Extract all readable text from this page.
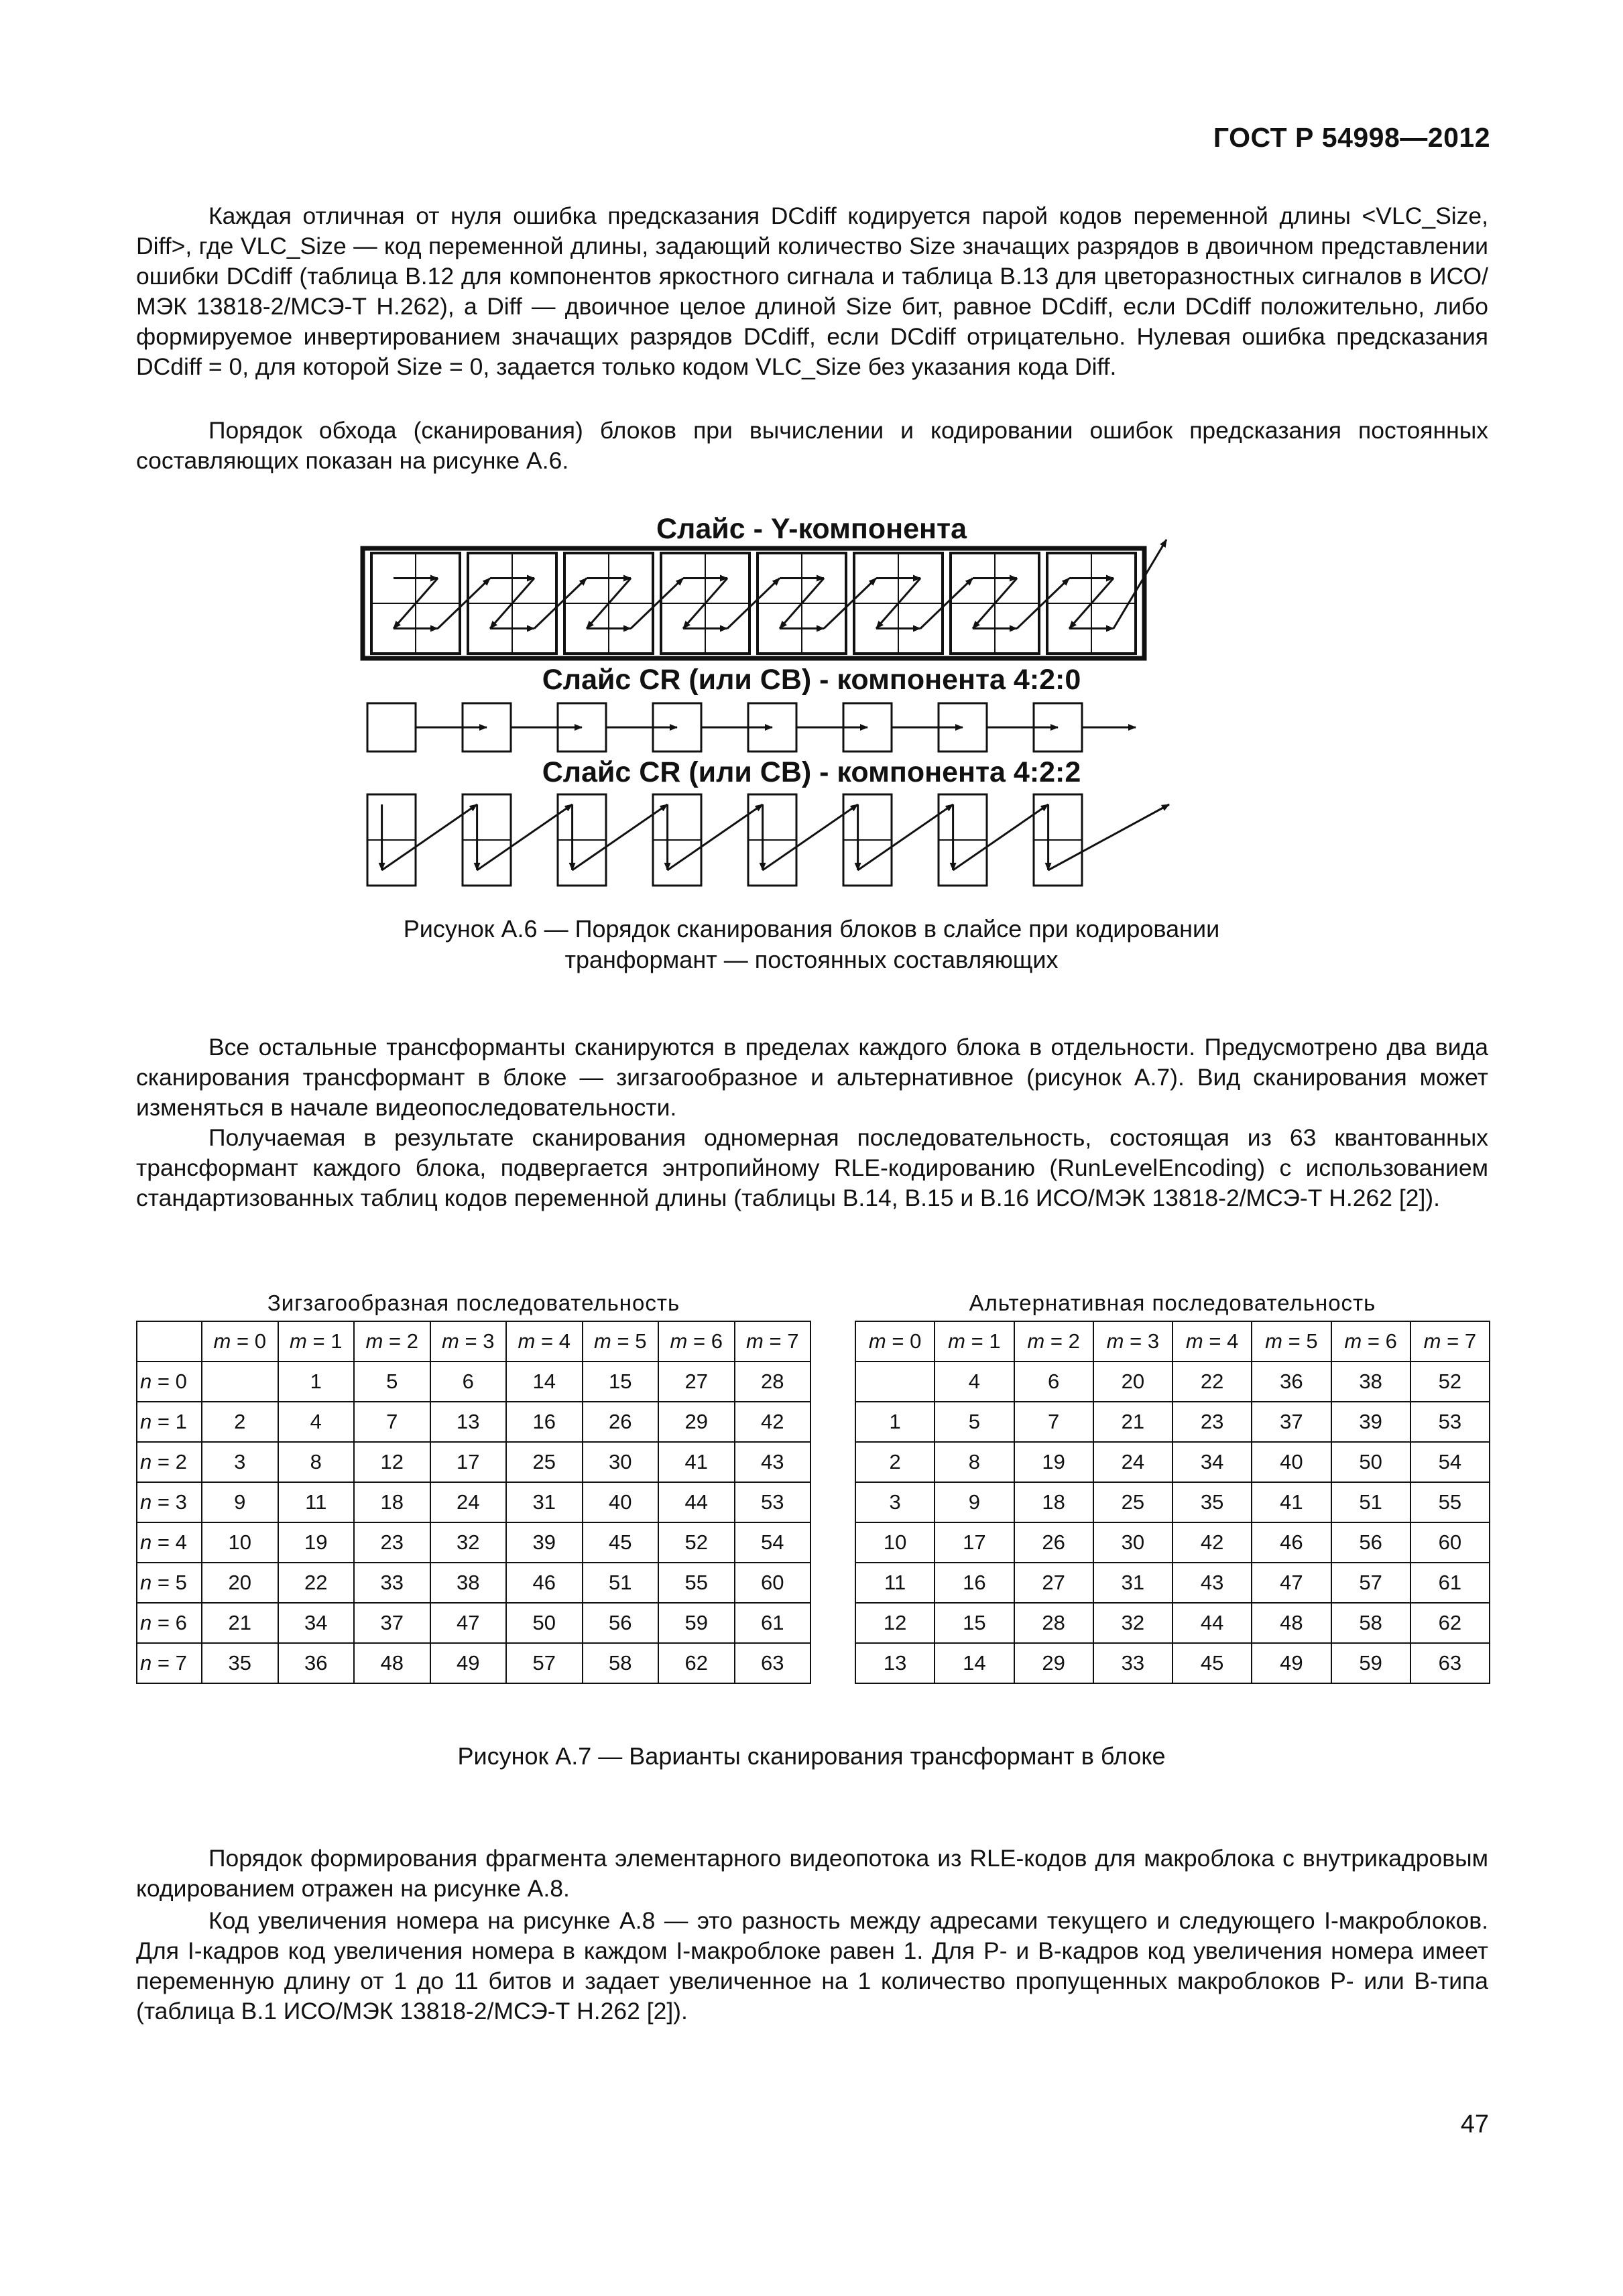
ГОСТ Р 54998—2012

Каждая отличная от нуля ошибка предсказания DCdiff кодируется парой кодов переменной длины <VLC_Size, Diff>, где VLC_Size — код переменной длины, задающий количество Size значащих разрядов в двоичном представлении ошибки DCdiff (таблица В.12 для компонентов яркостного сигнала и таблица В.13 для цветоразностных сигналов в ИСО/МЭК 13818-2/МСЭ-Т Н.262), а Diff — двоичное целое длиной Size бит, равное DCdiff, если DCdiff положительно, либо формируемое инвертированием значащих разрядов DCdiff, если DCdiff отрицательно. Нулевая ошибка предсказания DCdiff = 0, для которой Size = 0, задается только кодом VLC_Size без указания кода Diff.

Порядок обхода (сканирования) блоков при вычислении и кодировании ошибок предсказания постоянных составляющих показан на рисунке А.6.

Слайс - Y-компонента
Слайс CR (или CB) - компонента 4:2:0
Слайс CR (или CB) - компонента 4:2:2
Рисунок А.6 — Порядок сканирования блоков в слайсе при кодировании
транформант — постоянных составляющих

Все остальные трансформанты сканируются в пределах каждого блока в отдельности. Предусмотрено два вида сканирования трансформант в блоке — зигзагообразное и альтернативное (рисунок А.7). Вид сканирования может изменяться в начале видеопоследовательности.

Получаемая в результате сканирования одномерная последовательность, состоящая из 63 квантованных трансформант каждого блока, подвергается энтропийному RLE-кодированию (RunLevelEncoding) с использованием стандартизованных таблиц кодов переменной длины (таблицы В.14, В.15 и В.16 ИСО/МЭК 13818-2/МСЭ-Т Н.262 [2]).

Зигзагообразная последовательность	Альтернативная последовательность
	m = 0	m = 1	m = 2	m = 3	m = 4	m = 5	m = 6	m = 7
n = 0		1	5	6	14	15	27	28
n = 1	2	4	7	13	16	26	29	42
n = 2	3	8	12	17	25	30	41	43
n = 3	9	11	18	24	31	40	44	53
n = 4	10	19	23	32	39	45	52	54
n = 5	20	22	33	38	46	51	55	60
n = 6	21	34	37	47	50	56	59	61
n = 7	35	36	48	49	57	58	62	63
m = 0	m = 1	m = 2	m = 3	m = 4	m = 5	m = 6	m = 7
	4	6	20	22	36	38	52
1	5	7	21	23	37	39	53
2	8	19	24	34	40	50	54
3	9	18	25	35	41	51	55
10	17	26	30	42	46	56	60
11	16	27	31	43	47	57	61
12	15	28	32	44	48	58	62
13	14	29	33	45	49	59	63
Рисунок А.7 — Варианты сканирования трансформант в блоке

Порядок формирования фрагмента элементарного видеопотока из RLE-кодов для макроблока с внутрикадровым кодированием отражен на рисунке А.8.

Код увеличения номера на рисунке А.8 — это разность между адресами текущего и следующего I-макроблоков. Для I-кадров код увеличения номера в каждом I-макроблоке равен 1. Для P- и B-кадров код увеличения номера имеет переменную длину от 1 до 11 битов и задает увеличенное на 1 количество пропущенных макроблоков P- или B-типа (таблица В.1 ИСО/МЭК 13818-2/МСЭ-Т Н.262 [2]).

47
